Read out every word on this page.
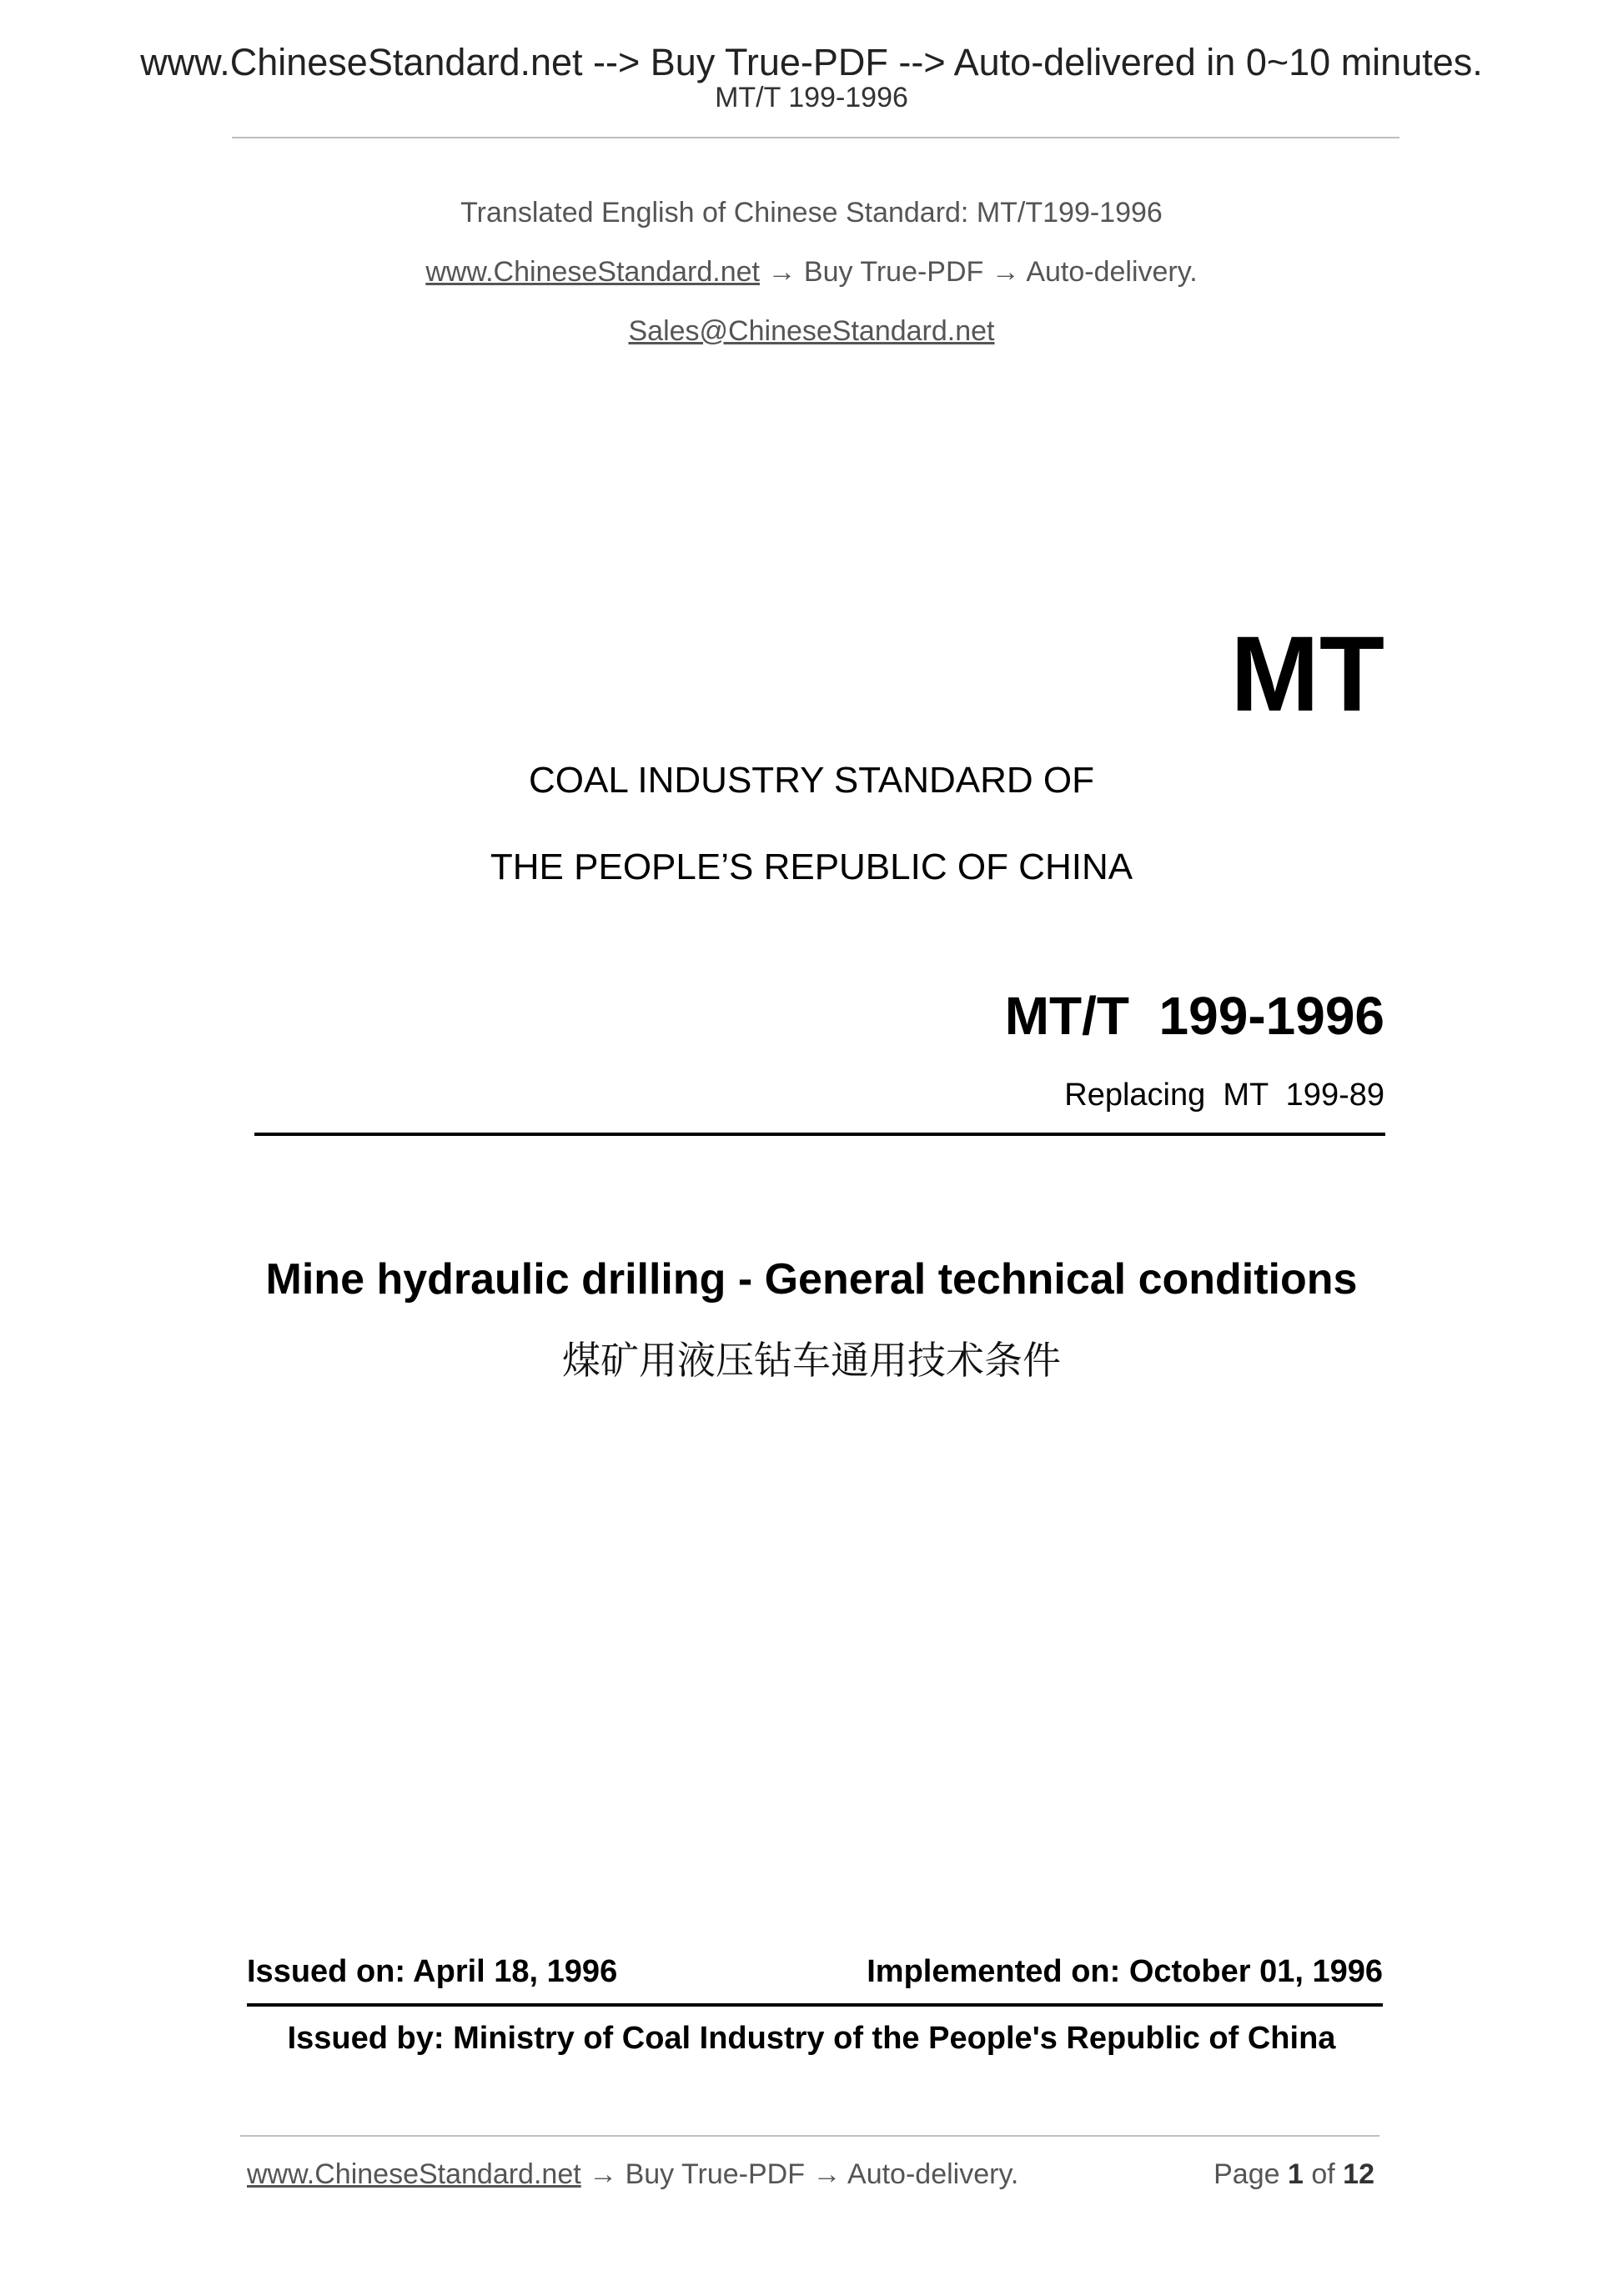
www.ChineseStandard.net --> Buy True-PDF --> Auto-delivered in 0~10 minutes.
MT/T 199-1996
Translated English of Chinese Standard: MT/T199-1996
www.ChineseStandard.net → Buy True-PDF → Auto-delivery.
Sales@ChineseStandard.net
MT
COAL INDUSTRY STANDARD OF
THE PEOPLE’S REPUBLIC OF CHINA
MT/T  199-1996
Replacing  MT  199-89
Mine hydraulic drilling - General technical conditions
煤矿用液压钻车通用技术条件
Issued on: April 18, 1996	Implemented on: October 01, 1996
Issued by: Ministry of Coal Industry of the People's Republic of China
www.ChineseStandard.net → Buy True-PDF → Auto-delivery.	Page 1 of 12
